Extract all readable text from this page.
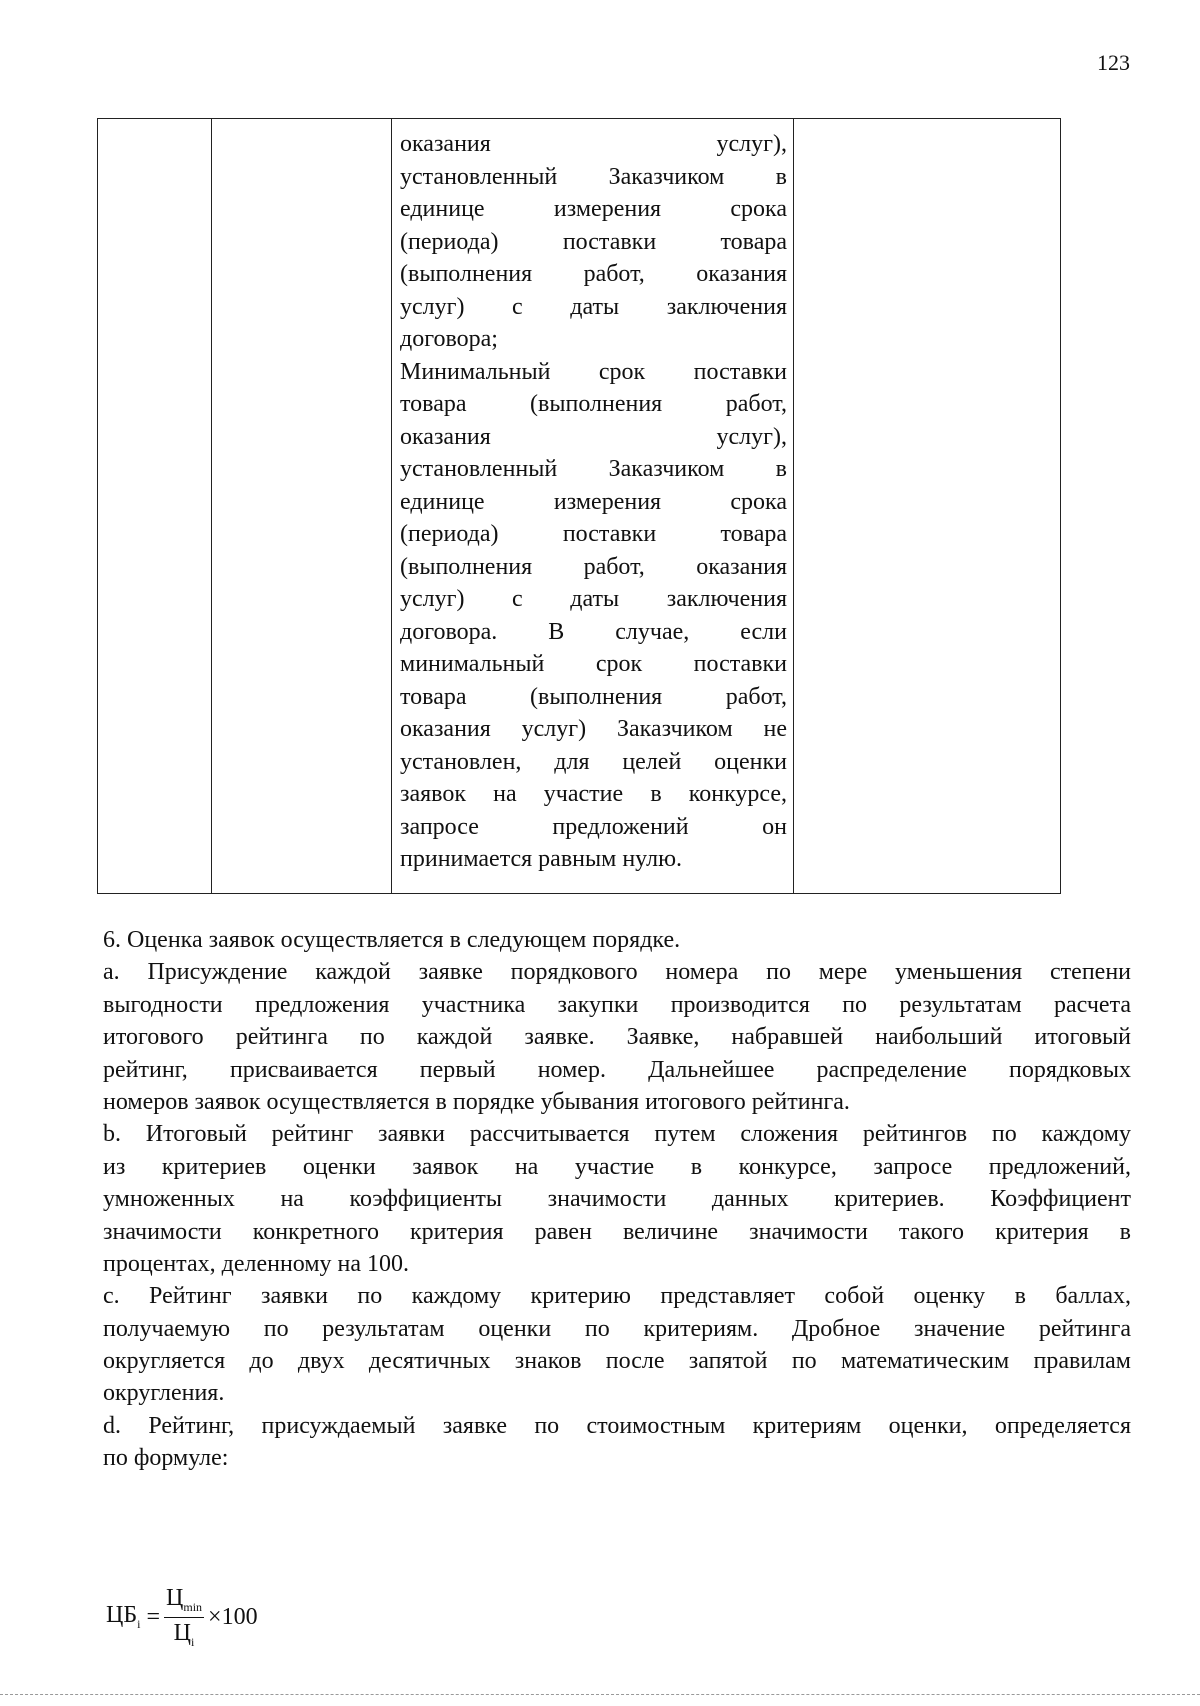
123
оказания услуг),
установленный Заказчиком в
единице измерения срока
(периода) поставки товара
(выполнения работ, оказания
услуг) с даты заключения
договора;
Минимальный срок поставки
товара (выполнения работ,
оказания услуг),
установленный Заказчиком в
единице измерения срока
(периода) поставки товара
(выполнения работ, оказания
услуг) с даты заключения
договора. В случае, если
минимальный срок поставки
товара (выполнения работ,
оказания услуг) Заказчиком не
установлен, для целей оценки
заявок на участие в конкурсе,
запросе предложений он
принимается равным нулю.
6. Оценка заявок осуществляется в следующем порядке.
a. Присуждение каждой заявке порядкового номера по мере уменьшения степени
выгодности предложения участника закупки производится по результатам расчета
итогового рейтинга по каждой заявке. Заявке, набравшей наибольший итоговый
рейтинг, присваивается первый номер. Дальнейшее распределение порядковых
номеров заявок осуществляется в порядке убывания итогового рейтинга.
b. Итоговый рейтинг заявки рассчитывается путем сложения рейтингов по каждому
из критериев оценки заявок на участие в конкурсе, запросе предложений,
умноженных на коэффициенты значимости данных критериев. Коэффициент
значимости конкретного критерия равен величине значимости такого критерия в
процентах, деленному на 100.
c. Рейтинг заявки по каждому критерию представляет собой оценку в баллах,
получаемую по результатам оценки по критериям. Дробное значение рейтинга
округляется до двух десятичных знаков после запятой по математическим правилам
округления.
d. Рейтинг, присуждаемый заявке по стоимостным критериям оценки, определяется
по формуле:
$ЦБ_i = \frac{Ц_{min}}{Ц_i} \times 100$
